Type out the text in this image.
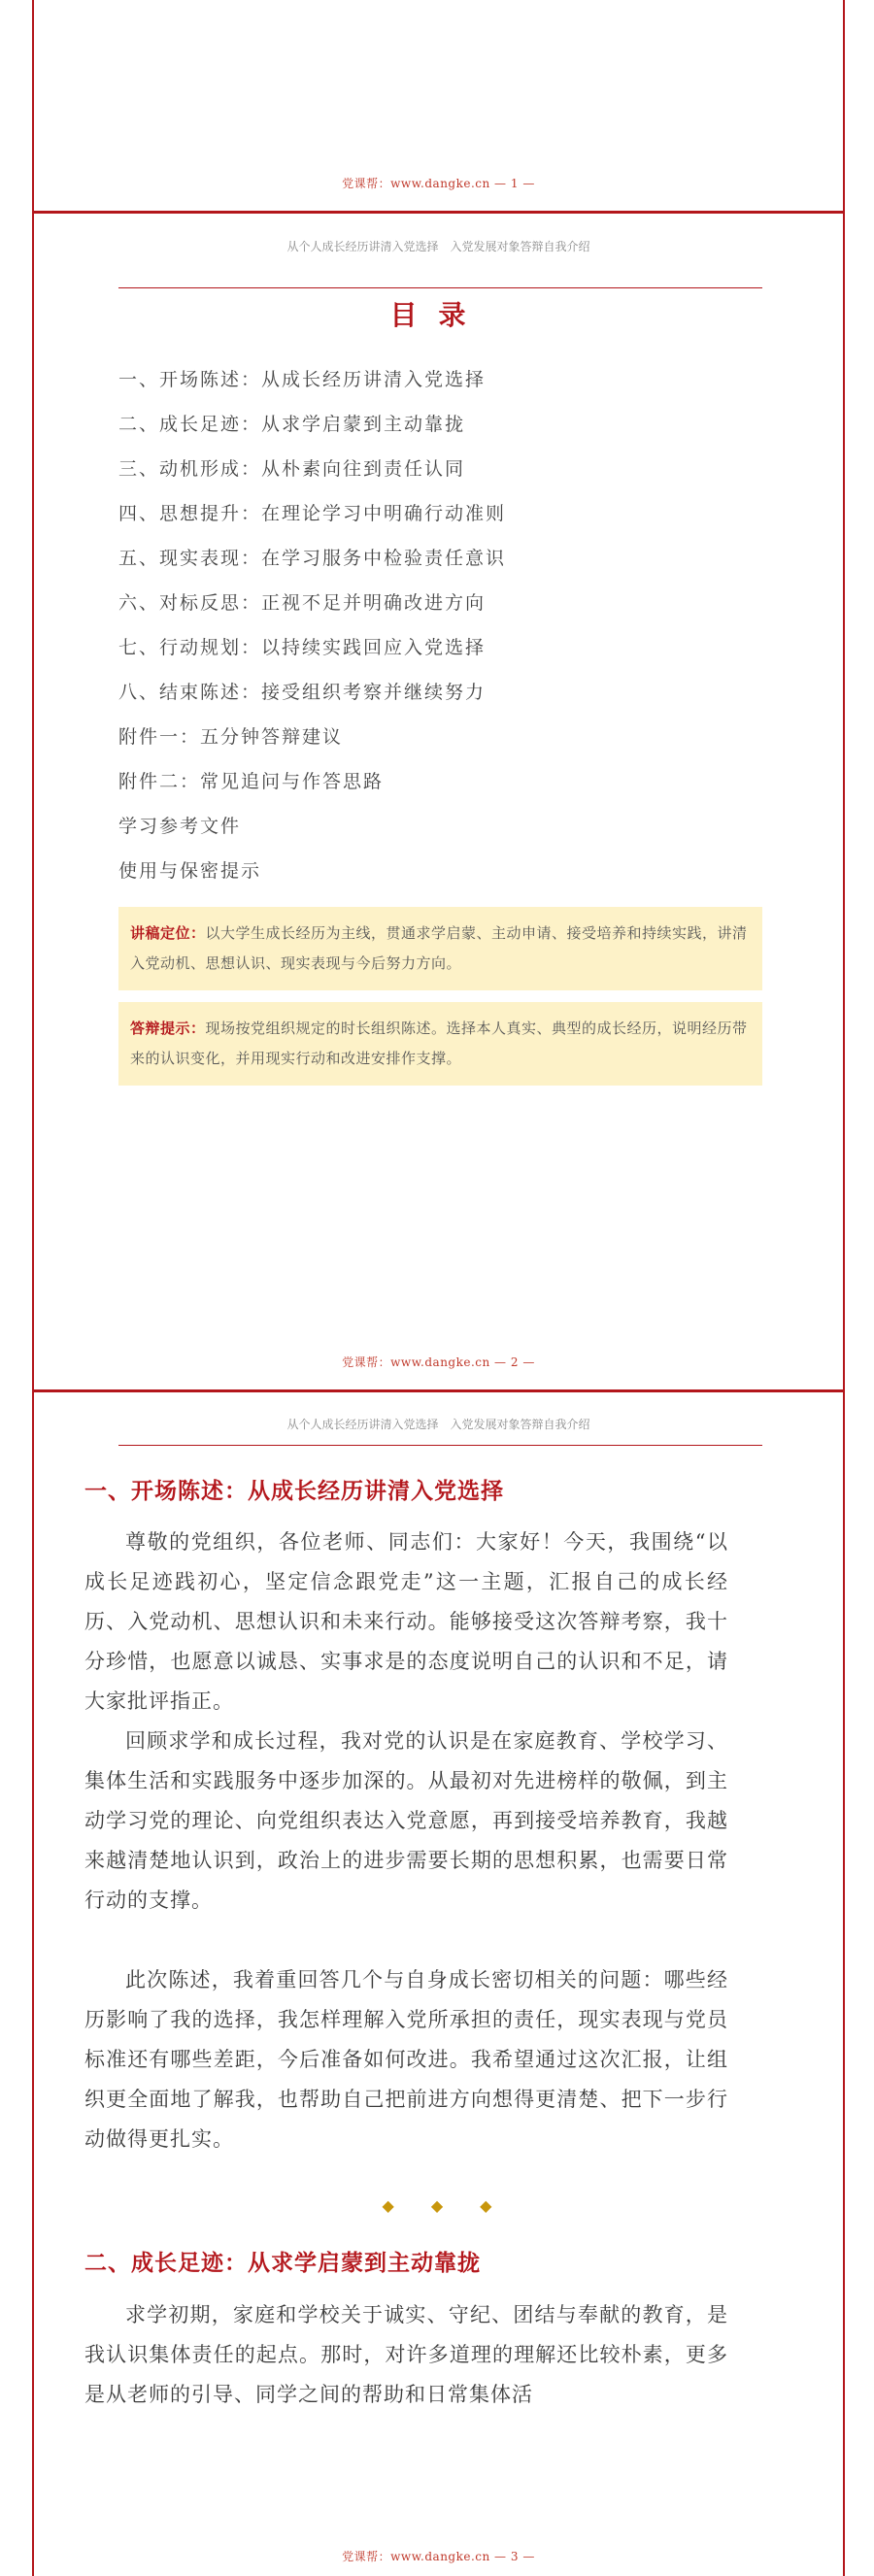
党课帮：www.dangke.cn — 1 —
从个人成长经历讲清入党选择　入党发展对象答辩自我介绍
目录
一、开场陈述：从成长经历讲清入党选择
二、成长足迹：从求学启蒙到主动靠拢
三、动机形成：从朴素向往到责任认同
四、思想提升：在理论学习中明确行动准则
五、现实表现：在学习服务中检验责任意识
六、对标反思：正视不足并明确改进方向
七、行动规划：以持续实践回应入党选择
八、结束陈述：接受组织考察并继续努力
附件一：五分钟答辩建议
附件二：常见追问与作答思路
学习参考文件
使用与保密提示
讲稿定位：以大学生成长经历为主线，贯通求学启蒙、主动申请、接受培养和持续实践，讲清入党动机、思想认识、现实表现与今后努力方向。
答辩提示：现场按党组织规定的时长组织陈述。选择本人真实、典型的成长经历，说明经历带来的认识变化，并用现实行动和改进安排作支撑。
党课帮：www.dangke.cn — 2 —
从个人成长经历讲清入党选择　入党发展对象答辩自我介绍
党课帮：www.dangke.cn — 3 —
一、开场陈述：从成长经历讲清入党选择

尊敬的党组织，各位老师、同志们：大家好！今天，我围绕“以成长足迹践初心，坚定信念跟党走”这一主题，汇报自己的成长经历、入党动机、思想认识和未来行动。能够接受这次答辩考察，我十分珍惜，也愿意以诚恳、实事求是的态度说明自己的认识和不足，请大家批评指正。

回顾求学和成长过程，我对党的认识是在家庭教育、学校学习、集体生活和实践服务中逐步加深的。从最初对先进榜样的敬佩，到主动学习党的理论、向党组织表达入党意愿，再到接受培养教育，我越来越清楚地认识到，政治上的进步需要长期的思想积累，也需要日常行动的支撑。

此次陈述，我着重回答几个与自身成长密切相关的问题：哪些经历影响了我的选择，我怎样理解入党所承担的责任，现实表现与党员标准还有哪些差距，今后准备如何改进。我希望通过这次汇报，让组织更全面地了解我，也帮助自己把前进方向想得更清楚、把下一步行动做得更扎实。

◆ ◆ ◆
二、成长足迹：从求学启蒙到主动靠拢

求学初期，家庭和学校关于诚实、守纪、团结与奉献的教育，是我认识集体责任的起点。那时，对许多道理的理解还比较朴素，更多是从老师的引导、同学之间的帮助和日常集体活
